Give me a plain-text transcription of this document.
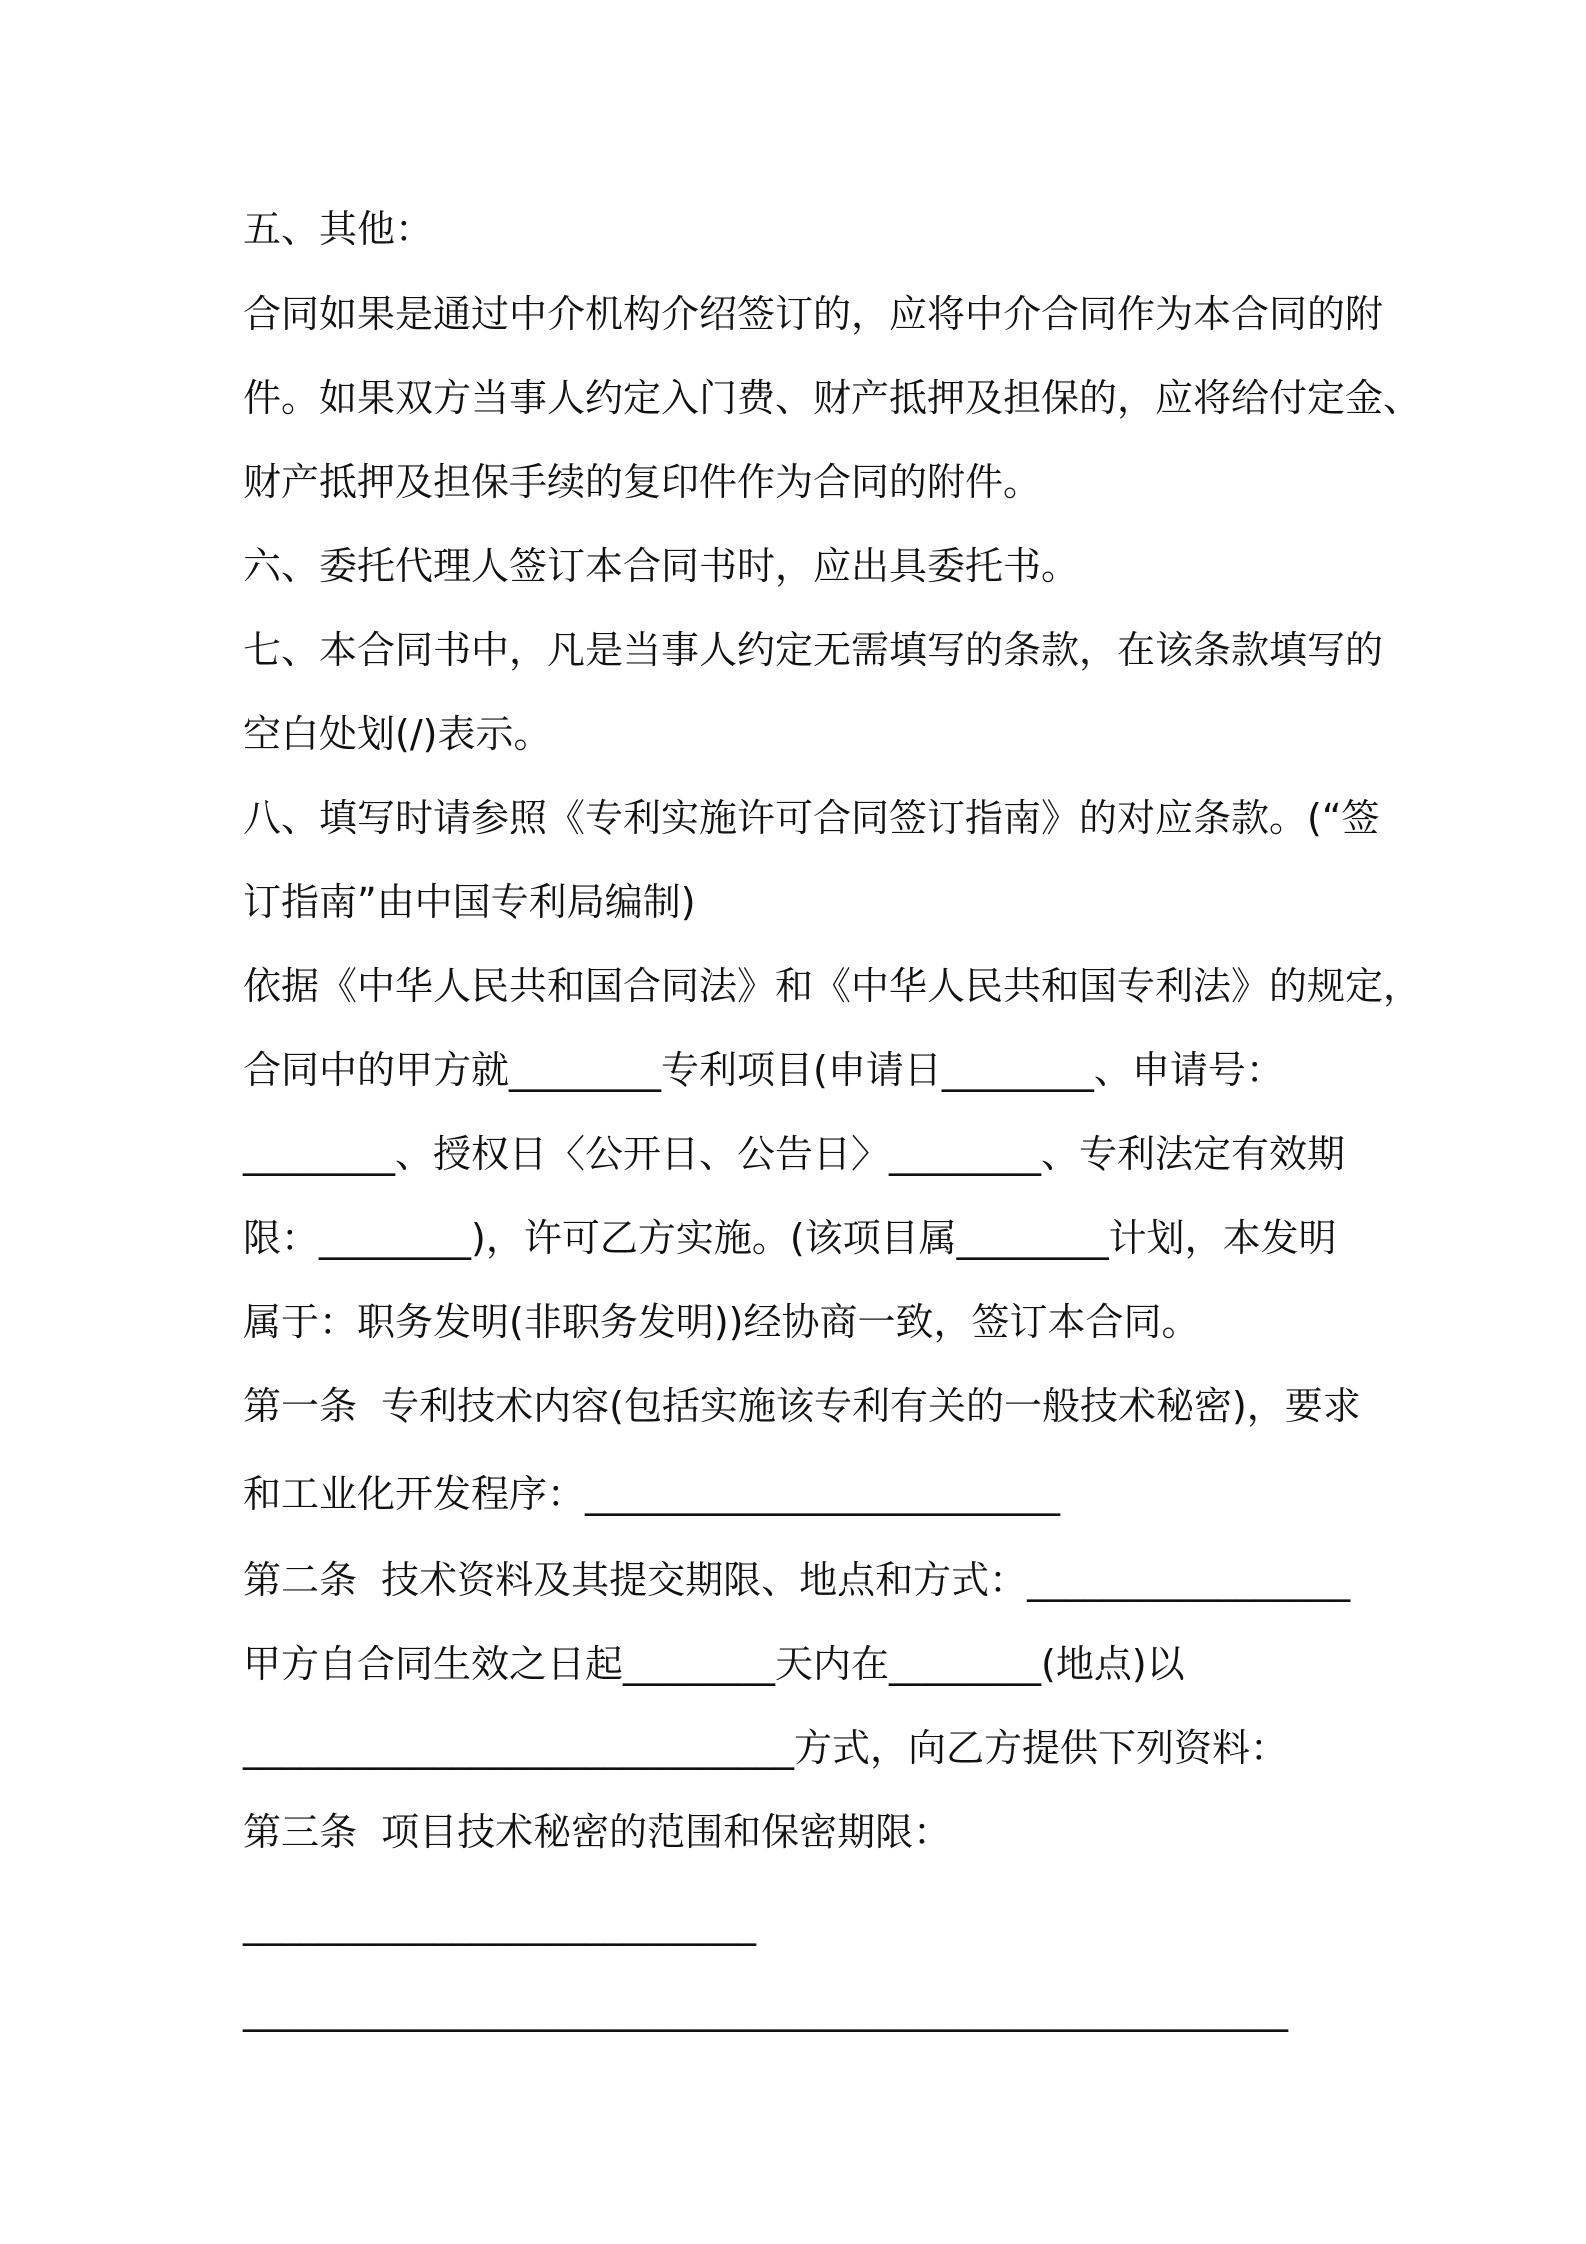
五、其他：
合同如果是通过中介机构介绍签订的，应将中介合同作为本合同的附
件。如果双方当事人约定入门费、财产抵押及担保的，应将给付定金、
财产抵押及担保手续的复印件作为合同的附件。
六、委托代理人签订本合同书时，应出具委托书。
七、本合同书中，凡是当事人约定无需填写的条款，在该条款填写的
空白处划(/)表示。
八、填写时请参照《专利实施许可合同签订指南》的对应条款。(“签
订指南”由中国专利局编制)
依据《中华人民共和国合同法》和《中华人民共和国专利法》的规定，
合同中的甲方就________专利项目(申请日________、申请号：
________、授权日〈公开日、公告日〉________、专利法定有效期
限：________)，许可乙方实施。(该项目属________计划，本发明
属于：职务发明(非职务发明))经协商一致，签订本合同。
第一条  专利技术内容(包括实施该专利有关的一般技术秘密)，要求
和工业化开发程序：_________________________
第二条  技术资料及其提交期限、地点和方式：_________________
甲方自合同生效之日起________天内在________(地点)以
_____________________________方式，向乙方提供下列资料：
第三条  项目技术秘密的范围和保密期限：
___________________________
_______________________________________________________
